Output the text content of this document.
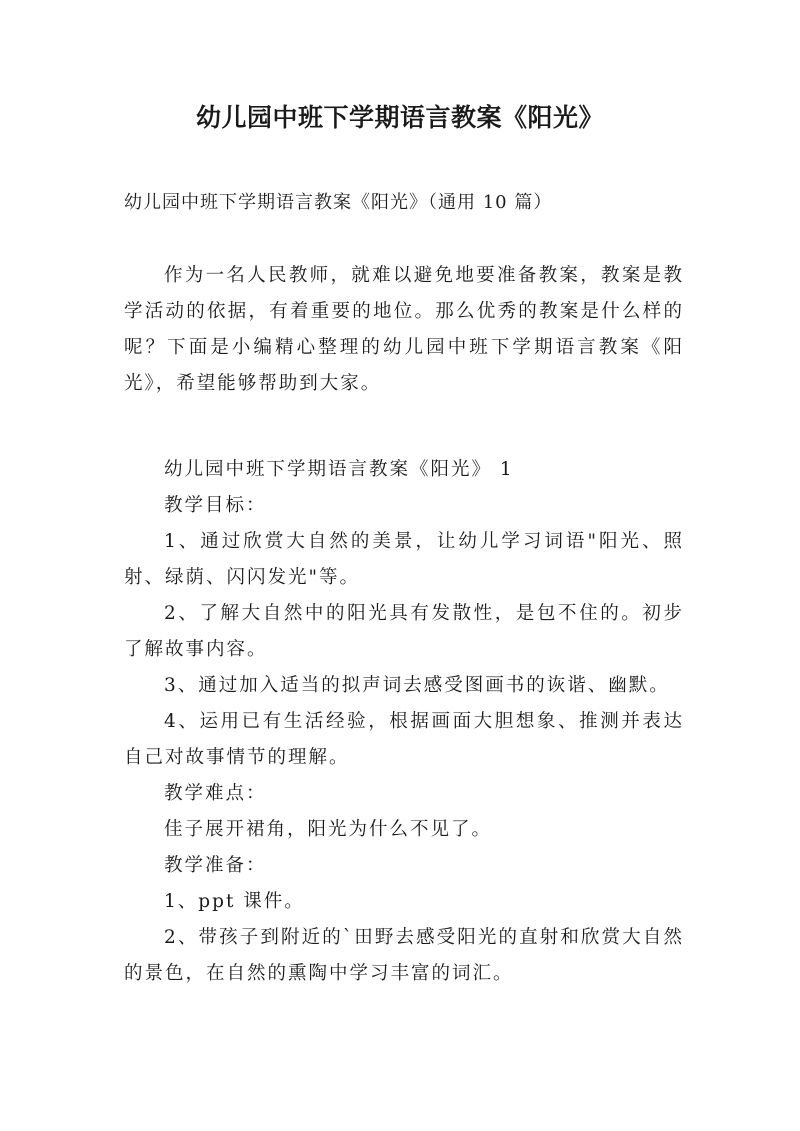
幼儿园中班下学期语言教案《阳光》
幼儿园中班下学期语言教案《阳光》（通用 10 篇）

作为一名人民教师，就难以避免地要准备教案，教案是教学活动的依据，有着重要的地位。那么优秀的教案是什么样的呢？下面是小编精心整理的幼儿园中班下学期语言教案《阳光》，希望能够帮助到大家。

幼儿园中班下学期语言教案《阳光》 1

教学目标：

1、通过欣赏大自然的美景，让幼儿学习词语"阳光、照射、绿荫、闪闪发光"等。

2、了解大自然中的阳光具有发散性，是包不住的。初步了解故事内容。

3、通过加入适当的拟声词去感受图画书的诙谐、幽默。

4、运用已有生活经验，根据画面大胆想象、推测并表达自己对故事情节的理解。

教学难点：

佳子展开裙角，阳光为什么不见了。

教学准备：

1、ppt 课件。

2、带孩子到附近的`田野去感受阳光的直射和欣赏大自然的景色，在自然的熏陶中学习丰富的词汇。
